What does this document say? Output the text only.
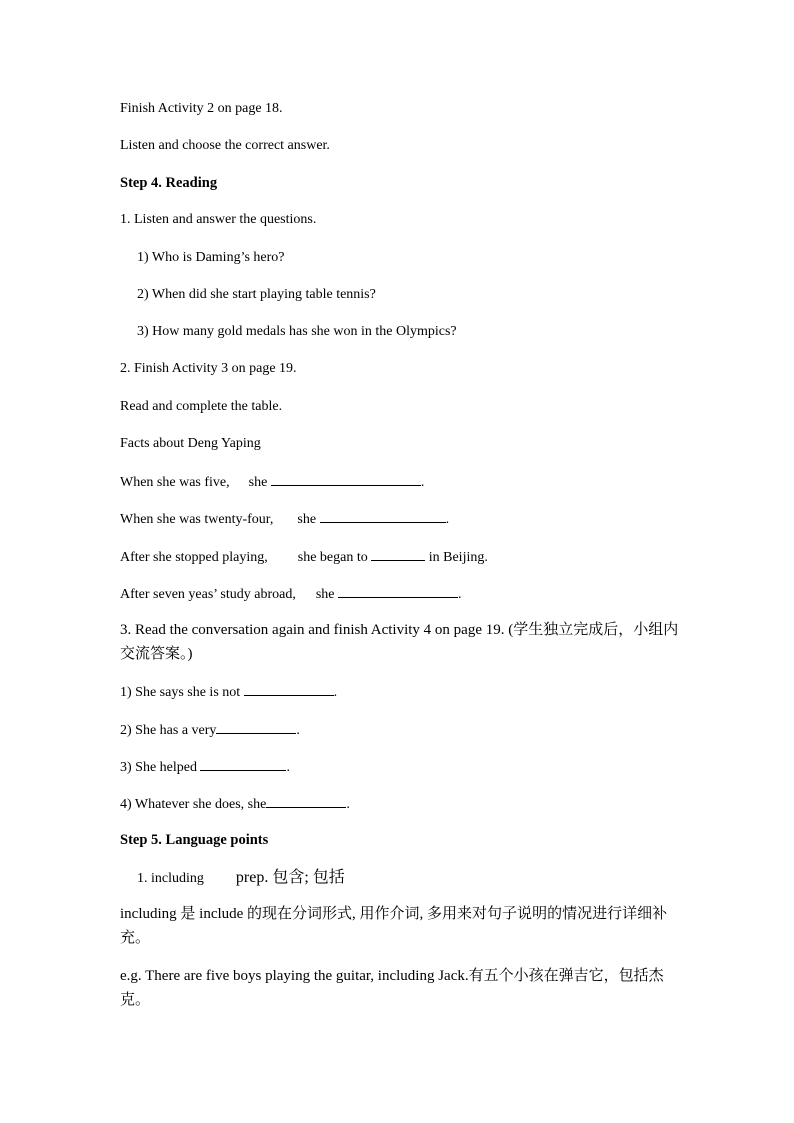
Finish Activity 2 on page 18.
Listen and choose the correct answer.
Step 4. Reading
1. Listen and answer the questions.
1) Who is Daming’s hero?
2) When did she start playing table tennis?
3) How many gold medals has she won in the Olympics?
2. Finish Activity 3 on page 19.
Read and complete the table.
Facts about Deng Yaping
When she was five, she	.
When she was twenty-four, she	.
After she stopped playing, she began to	in Beijing.
After seven yeas’ study abroad, she	.
3. Read the conversation again and finish Activity 4 on page 19. (学生独立完成后，小组内交流答案。)
1) She says she is not	.
2) She has a very	.
3) She helped	.
4) Whatever she does, she	.
Step 5. Language points
1. including prep. 包含; 包括
including 是 include 的现在分词形式, 用作介词, 多用来对句子说明的情况进行详细补充。
e.g. There are five boys playing the guitar, including Jack.有五个小孩在弹吉它，包括杰克。
